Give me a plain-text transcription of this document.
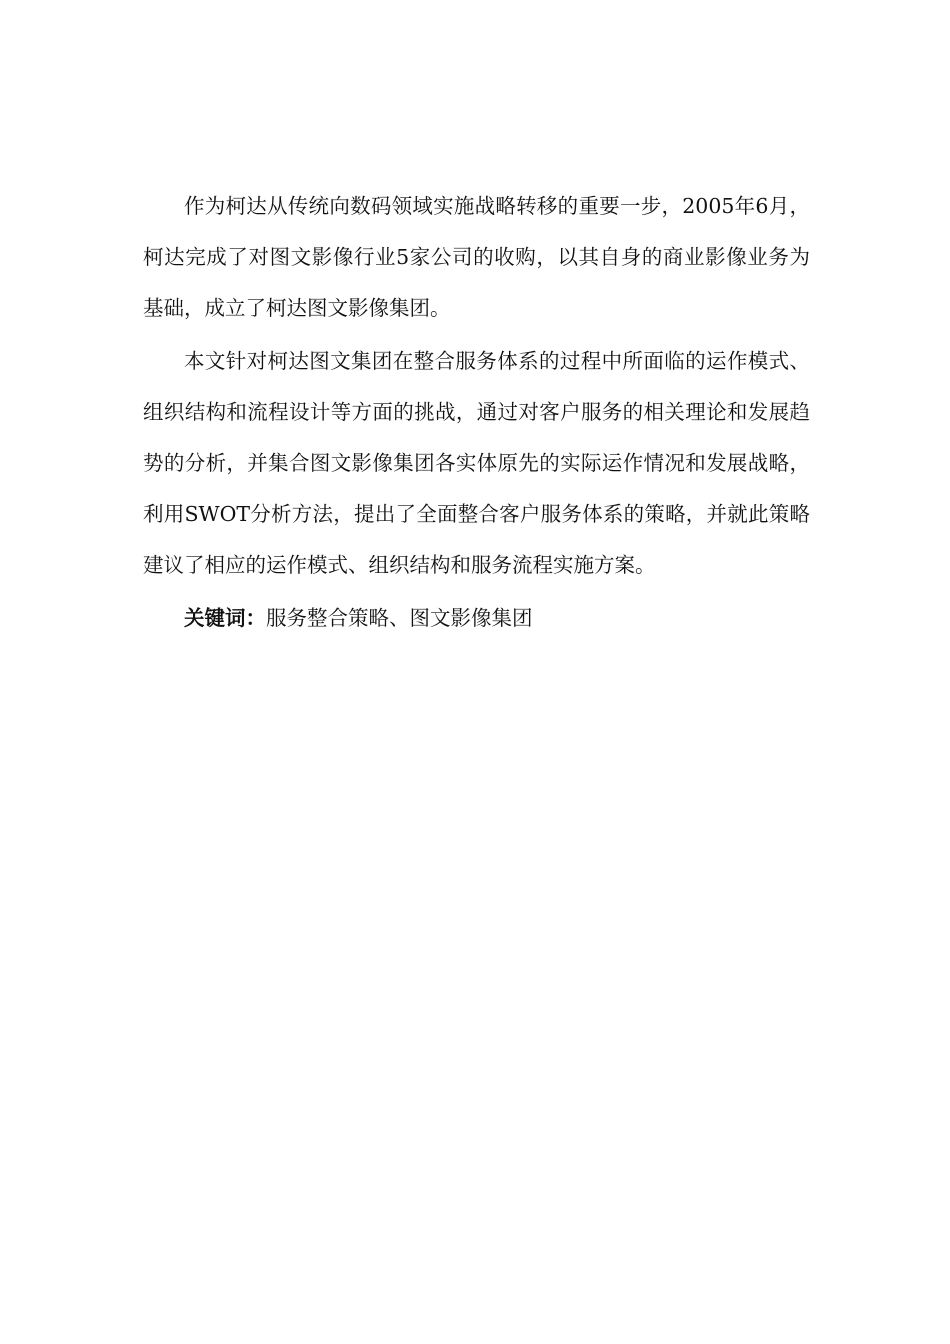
作为柯达从传统向数码领域实施战略转移的重要一步，2005年6月，柯达完成了对图文影像行业5家公司的收购，以其自身的商业影像业务为基础，成立了柯达图文影像集团。

本文针对柯达图文集团在整合服务体系的过程中所面临的运作模式、组织结构和流程设计等方面的挑战，通过对客户服务的相关理论和发展趋势的分析，并集合图文影像集团各实体原先的实际运作情况和发展战略，利用SWOT分析方法，提出了全面整合客户服务体系的策略，并就此策略建议了相应的运作模式、组织结构和服务流程实施方案。

关键词：服务整合策略、图文影像集团
